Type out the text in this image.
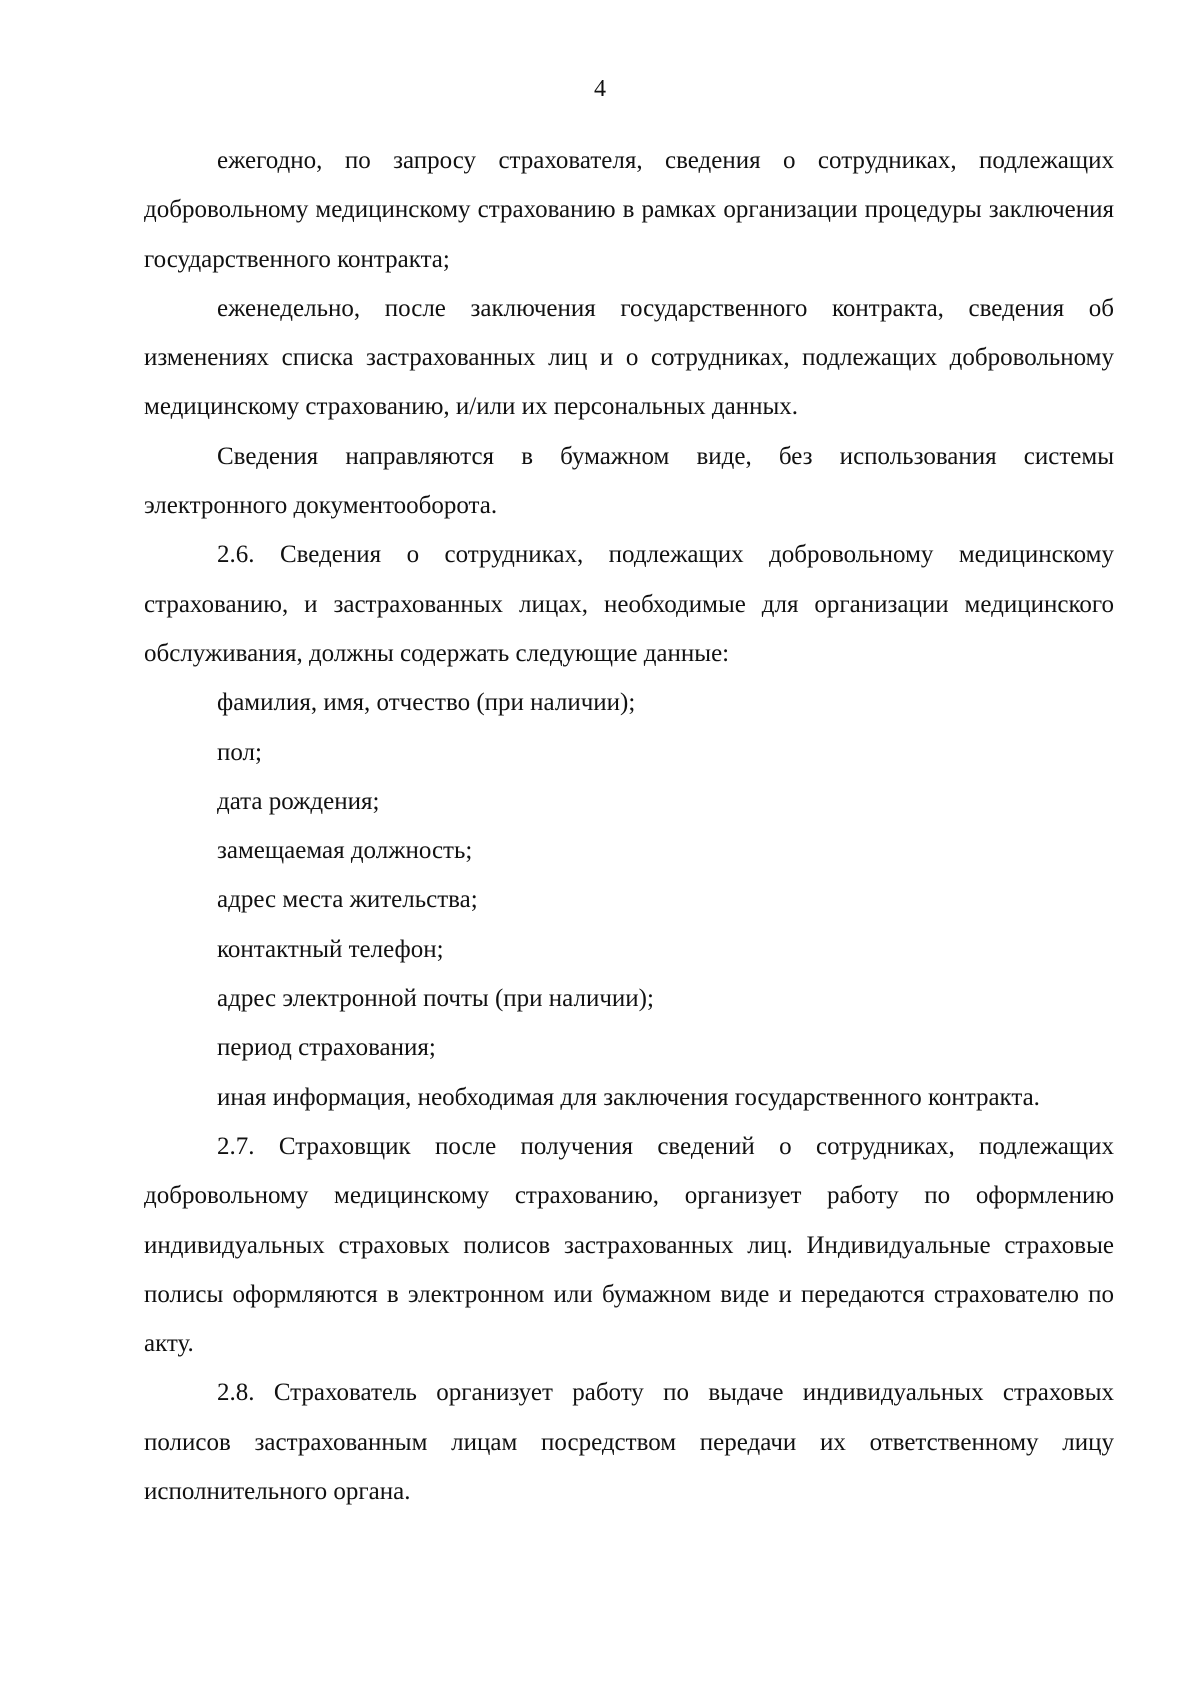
4

ежегодно, по запросу страхователя, сведения о сотрудниках, подлежащих добровольному медицинскому страхованию в рамках организации процедуры заключения государственного контракта;

еженедельно, после заключения государственного контракта, сведения об изменениях списка застрахованных лиц и о сотрудниках, подлежащих добровольному медицинскому страхованию, и/или их персональных данных.

Сведения направляются в бумажном виде, без использования системы электронного документооборота.

2.6. Сведения о сотрудниках, подлежащих добровольному медицинскому страхованию, и застрахованных лицах, необходимые для организации медицинского обслуживания, должны содержать следующие данные:

фамилия, имя, отчество (при наличии);

пол;

дата рождения;

замещаемая должность;

адрес места жительства;

контактный телефон;

адрес электронной почты (при наличии);

период страхования;

иная информация, необходимая для заключения государственного контракта.

2.7. Страховщик после получения сведений о сотрудниках, подлежащих добровольному медицинскому страхованию, организует работу по оформлению индивидуальных страховых полисов застрахованных лиц. Индивидуальные страховые полисы оформляются в электронном или бумажном виде и передаются страхователю по акту.

2.8. Страхователь организует работу по выдаче индивидуальных страховых полисов застрахованным лицам посредством передачи их ответственному лицу исполнительного органа.
